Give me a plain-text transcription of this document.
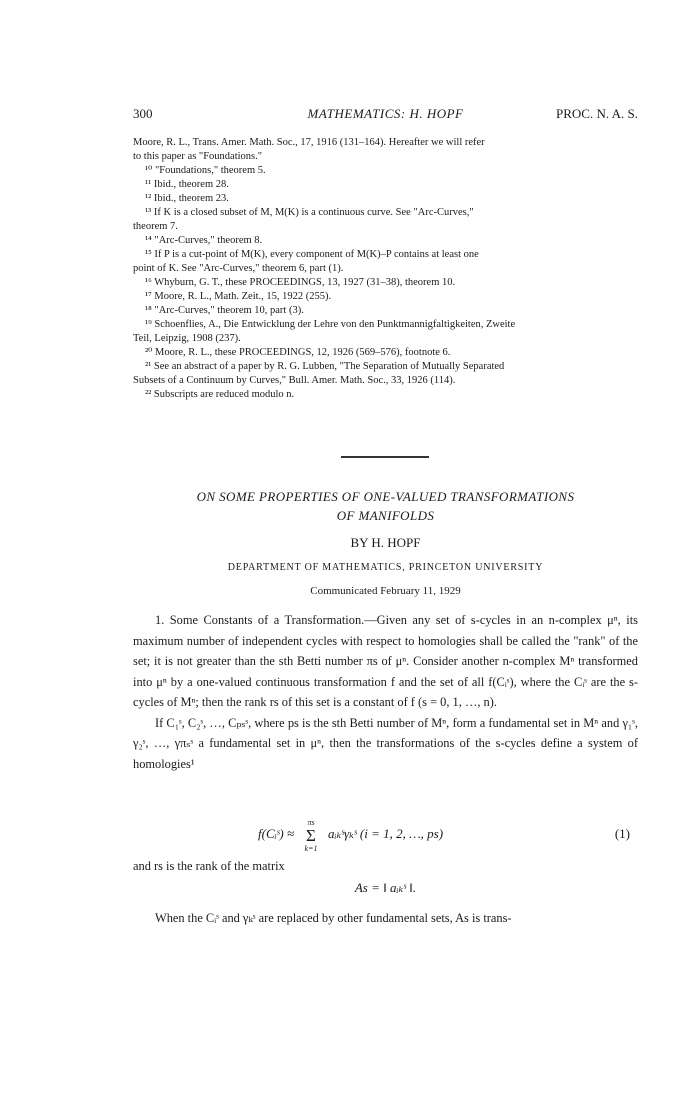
300	MATHEMATICS: H. HOPF	PROC. N. A. S.

Moore, R. L., Trans. Amer. Math. Soc., 17, 1916 (131–164). Hereafter we will refer

to this paper as "Foundations."

¹⁰ "Foundations," theorem 5.

¹¹ Ibid., theorem 28.

¹² Ibid., theorem 23.

¹³ If K is a closed subset of M, M(K) is a continuous curve. See "Arc-Curves,"

theorem 7.

¹⁴ "Arc-Curves," theorem 8.

¹⁵ If P is a cut-point of M(K), every component of M(K)–P contains at least one

point of K. See "Arc-Curves," theorem 6, part (1).

¹⁶ Whyburn, G. T., these PROCEEDINGS, 13, 1927 (31–38), theorem 10.

¹⁷ Moore, R. L., Math. Zeit., 15, 1922 (255).

¹⁸ "Arc-Curves," theorem 10, part (3).

¹⁹ Schoenflies, A., Die Entwicklung der Lehre von den Punktmannigfaltigkeiten, Zweite

Teil, Leipzig, 1908 (237).

²⁰ Moore, R. L., these PROCEEDINGS, 12, 1926 (569–576), footnote 6.

²¹ See an abstract of a paper by R. G. Lubben, "The Separation of Mutually Separated

Subsets of a Continuum by Curves," Bull. Amer. Math. Soc., 33, 1926 (114).

²² Subscripts are reduced modulo n.

ON SOME PROPERTIES OF ONE-VALUED TRANSFORMATIONS
OF MANIFOLDS
BY H. HOPF
DEPARTMENT OF MATHEMATICS, PRINCETON UNIVERSITY
Communicated February 11, 1929

1. Some Constants of a Transformation.—Given any set of s-cycles in an n-complex μⁿ, its maximum number of independent cycles with respect to homologies shall be called the "rank" of the set; it is not greater than the sth Betti number πs of μⁿ. Consider another n-complex Mⁿ transformed into μⁿ by a one-valued continuous transformation f and the set of all f(Cᵢˢ), where the Cᵢˢ are the s-cycles of Mⁿ; then the rank rs of this set is a constant of f (s = 0, 1, …, n).

If C₁ˢ, C₂ˢ, …, Cₚₛˢ, where ps is the sth Betti number of Mⁿ, form a fundamental set in Mⁿ and γ₁ˢ, γ₂ˢ, …, γπₛˢ a fundamental set in μⁿ, then the transformations of the s-cycles define a system of homologies¹

f(Cᵢˢ) ≈
πs
Σ
k=1
aᵢₖˢγₖˢ (i = 1, 2, …, ps)	(1)
and rs is the rank of the matrix
As = ‖ aᵢₖˢ ‖.
When the Cᵢˢ and γₖˢ are replaced by other fundamental sets, As is trans-
